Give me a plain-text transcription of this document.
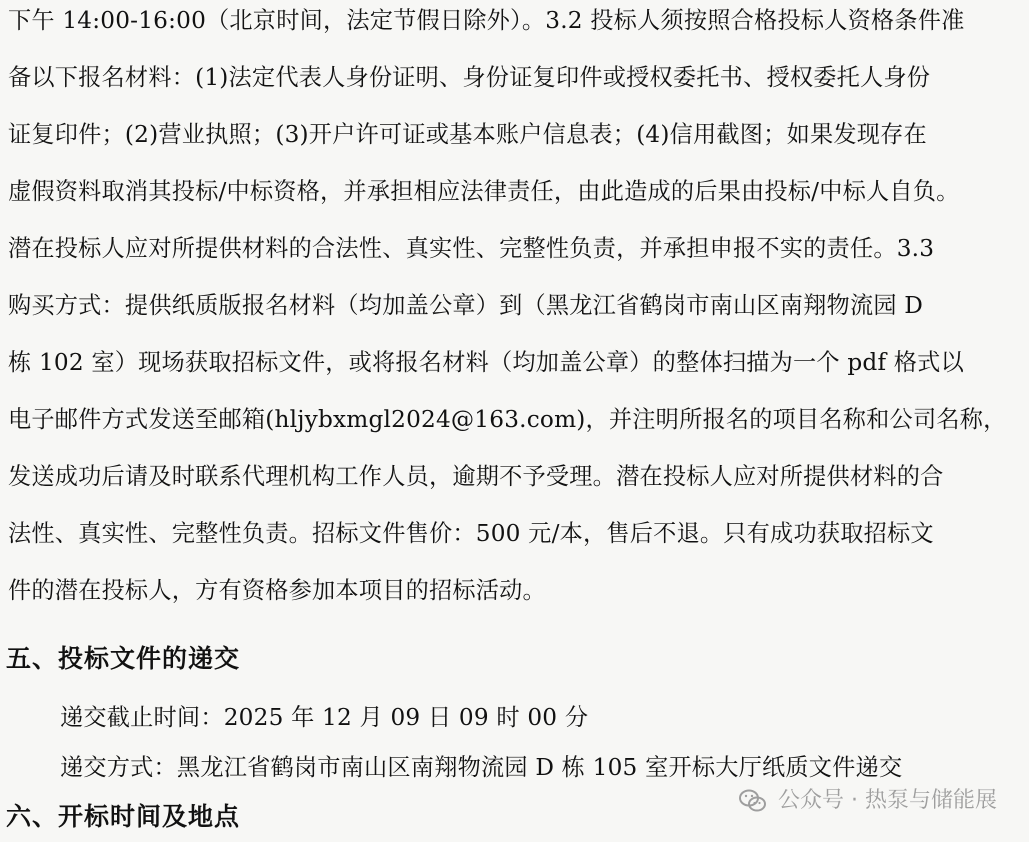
下午 14:00-16:00（北京时间，法定节假日除外）。3.2 投标人须按照合格投标人资格条件准
备以下报名材料：(1)法定代表人身份证明、身份证复印件或授权委托书、授权委托人身份
证复印件；(2)营业执照；(3)开户许可证或基本账户信息表；(4)信用截图；如果发现存在
虚假资料取消其投标/中标资格，并承担相应法律责任，由此造成的后果由投标/中标人自负。
潜在投标人应对所提供材料的合法性、真实性、完整性负责，并承担申报不实的责任。3.3
购买方式：提供纸质版报名材料（均加盖公章）到（黑龙江省鹤岗市南山区南翔物流园 D
栋 102 室）现场获取招标文件，或将报名材料（均加盖公章）的整体扫描为一个 pdf 格式以
电子邮件方式发送至邮箱(hljybxmgl2024@163.com)，并注明所报名的项目名称和公司名称，
发送成功后请及时联系代理机构工作人员，逾期不予受理。潜在投标人应对所提供材料的合
法性、真实性、完整性负责。招标文件售价：500 元/本，售后不退。只有成功获取招标文
件的潜在投标人，方有资格参加本项目的招标活动。
五、投标文件的递交
递交截止时间：2025 年 12 月 09 日 09 时 00 分
递交方式：黑龙江省鹤岗市南山区南翔物流园 D 栋 105 室开标大厅纸质文件递交
六、开标时间及地点
公众号 · 热泵与储能展
